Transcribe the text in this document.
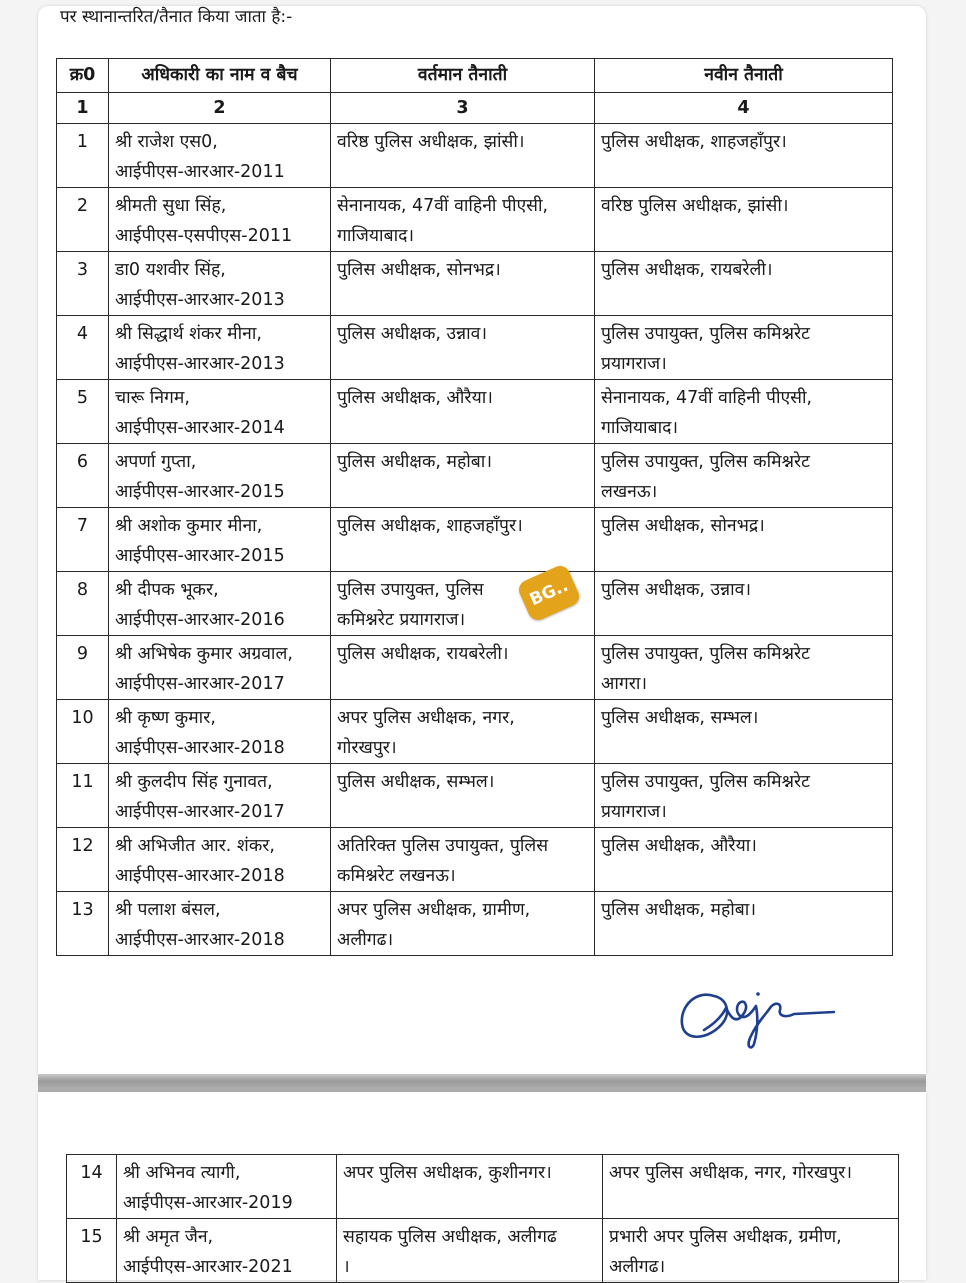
पर स्थानान्तरित/तैनात किया जाता है:-
क्र0	अधिकारी का नाम व बैच	वर्तमान तैनाती	नवीन तैनाती
1	2	3	4
1	श्री राजेश एस0,
आईपीएस-आरआर-2011	वरिष्ठ पुलिस अधीक्षक, झांसी।	पुलिस अधीक्षक, शाहजहाँपुर।

2	श्रीमती सुधा सिंह,
आईपीएस-एसपीएस-2011	सेनानायक, 47वीं वाहिनी पीएसी,
गाजियाबाद।	वरिष्ठ पुलिस अधीक्षक, झांसी।

3	डा0 यशवीर सिंह,
आईपीएस-आरआर-2013	पुलिस अधीक्षक, सोनभद्र।	पुलिस अधीक्षक, रायबरेली।

4	श्री सिद्धार्थ शंकर मीना,
आईपीएस-आरआर-2013	पुलिस अधीक्षक, उन्नाव।	पुलिस उपायुक्त, पुलिस कमिश्नरेट
प्रयागराज।

5	चारू निगम,
आईपीएस-आरआर-2014	पुलिस अधीक्षक, औरैया।	सेनानायक, 47वीं वाहिनी पीएसी,
गाजियाबाद।

6	अपर्णा गुप्ता,
आईपीएस-आरआर-2015	पुलिस अधीक्षक, महोबा।	पुलिस उपायुक्त, पुलिस कमिश्नरेट
लखनऊ।

7	श्री अशोक कुमार मीना,
आईपीएस-आरआर-2015	पुलिस अधीक्षक, शाहजहाँपुर।	पुलिस अधीक्षक, सोनभद्र।

8	श्री दीपक भूकर,
आईपीएस-आरआर-2016	पुलिस उपायुक्त, पुलिस
कमिश्नरेट प्रयागराज।	पुलिस अधीक्षक, उन्नाव।

9	श्री अभिषेक कुमार अग्रवाल,
आईपीएस-आरआर-2017	पुलिस अधीक्षक, रायबरेली।	पुलिस उपायुक्त, पुलिस कमिश्नरेट
आगरा।

10	श्री कृष्ण कुमार,
आईपीएस-आरआर-2018	अपर पुलिस अधीक्षक, नगर,
गोरखपुर।	पुलिस अधीक्षक, सम्भल।

11	श्री कुलदीप सिंह गुनावत,
आईपीएस-आरआर-2017	पुलिस अधीक्षक, सम्भल।	पुलिस उपायुक्त, पुलिस कमिश्नरेट
प्रयागराज।

12	श्री अभिजीत आर. शंकर,
आईपीएस-आरआर-2018	अतिरिक्त पुलिस उपायुक्त, पुलिस
कमिश्नरेट लखनऊ।	पुलिस अधीक्षक, औरैया।

13	श्री पलाश बंसल,
आईपीएस-आरआर-2018	अपर पुलिस अधीक्षक, ग्रामीण,
अलीगढ।	पुलिस अधीक्षक, महोबा।
14	श्री अभिनव त्यागी,
आईपीएस-आरआर-2019	अपर पुलिस अधीक्षक, कुशीनगर।	अपर पुलिस अधीक्षक, नगर, गोरखपुर।

15	श्री अमृत जैन,
आईपीएस-आरआर-2021	सहायक पुलिस अधीक्षक, अलीगढ
।	प्रभारी अपर पुलिस अधीक्षक, ग्रमीण,
अलीगढ।
BG..
